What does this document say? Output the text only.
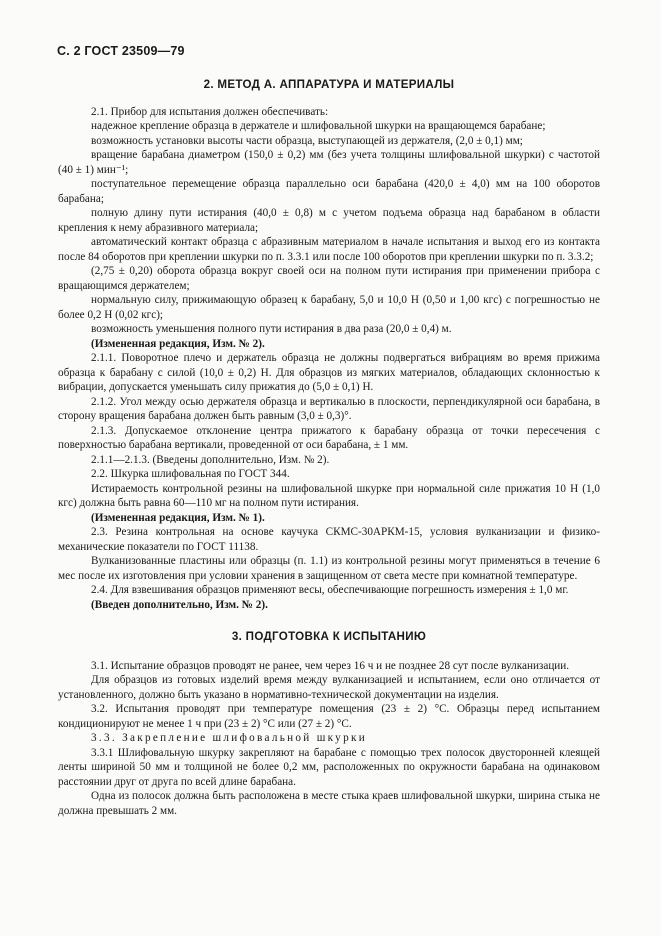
С. 2 ГОСТ 23509—79
2. МЕТОД А. АППАРАТУРА И МАТЕРИАЛЫ

2.1. Прибор для испытания должен обеспечивать:

надежное крепление образца в держателе и шлифовальной шкурки на вращающемся барабане;

возможность установки высоты части образца, выступающей из держателя, (2,0 ± 0,1) мм;

вращение барабана диаметром (150,0 ± 0,2) мм (без учета толщины шлифовальной шкурки) с частотой (40 ± 1) мин⁻¹;

поступательное перемещение образца параллельно оси барабана (420,0 ± 4,0) мм на 100 оборотов барабана;

полную длину пути истирания (40,0 ± 0,8) м с учетом подъема образца над барабаном в области крепления к нему абразивного материала;

автоматический контакт образца с абразивным материалом в начале испытания и выход его из контакта после 84 оборотов при креплении шкурки по п. 3.3.1 или после 100 оборотов при креплении шкурки по п. 3.3.2;

(2,75 ± 0,20) оборота образца вокруг своей оси на полном пути истирания при применении прибора с вращающимся держателем;

нормальную силу, прижимающую образец к барабану, 5,0 и 10,0 Н (0,50 и 1,00 кгс) с погрешностью не более 0,2 Н (0,02 кгс);

возможность уменьшения полного пути истирания в два раза (20,0 ± 0,4) м.

(Измененная редакция, Изм. № 2).

2.1.1. Поворотное плечо и держатель образца не должны подвергаться вибрациям во время прижима образца к барабану с силой (10,0 ± 0,2) Н. Для образцов из мягких материалов, обладающих склонностью к вибрации, допускается уменьшать силу прижатия до (5,0 ± 0,1) Н.

2.1.2. Угол между осью держателя образца и вертикалью в плоскости, перпендикулярной оси барабана, в сторону вращения барабана должен быть равным (3,0 ± 0,3)°.

2.1.3. Допускаемое отклонение центра прижатого к барабану образца от точки пересечения с поверхностью барабана вертикали, проведенной от оси барабана, ± 1 мм.

2.1.1—2.1.3. (Введены дополнительно, Изм. № 2).

2.2. Шкурка шлифовальная по ГОСТ 344.

Истираемость контрольной резины на шлифовальной шкурке при нормальной силе прижатия 10 Н (1,0 кгс) должна быть равна 60—110 мг на полном пути истирания.

(Измененная редакция, Изм. № 1).

2.3. Резина контрольная на основе каучука СКМС-30АРКМ-15, условия вулканизации и физико-механические показатели по ГОСТ 11138.

Вулканизованные пластины или образцы (п. 1.1) из контрольной резины могут применяться в течение 6 мес после их изготовления при условии хранения в защищенном от света месте при комнатной температуре.

2.4. Для взвешивания образцов применяют весы, обеспечивающие погрешность измерения ± 1,0 мг.

(Введен дополнительно, Изм. № 2).

3. ПОДГОТОВКА К ИСПЫТАНИЮ

3.1. Испытание образцов проводят не ранее, чем через 16 ч и не позднее 28 сут после вулканизации.

Для образцов из готовых изделий время между вулканизацией и испытанием, если оно отличается от установленного, должно быть указано в нормативно-технической документации на изделия.

3.2. Испытания проводят при температуре помещения (23 ± 2) °С. Образцы перед испытанием кондиционируют не менее 1 ч при (23 ± 2) °С или (27 ± 2) °С.

3.3. Закрепление шлифовальной шкурки

3.3.1 Шлифовальную шкурку закрепляют на барабане с помощью трех полосок двусторонней клеящей ленты шириной 50 мм и толщиной не более 0,2 мм, расположенных по окружности барабана на одинаковом расстоянии друг от друга по всей длине барабана.

Одна из полосок должна быть расположена в месте стыка краев шлифовальной шкурки, ширина стыка не должна превышать 2 мм.
